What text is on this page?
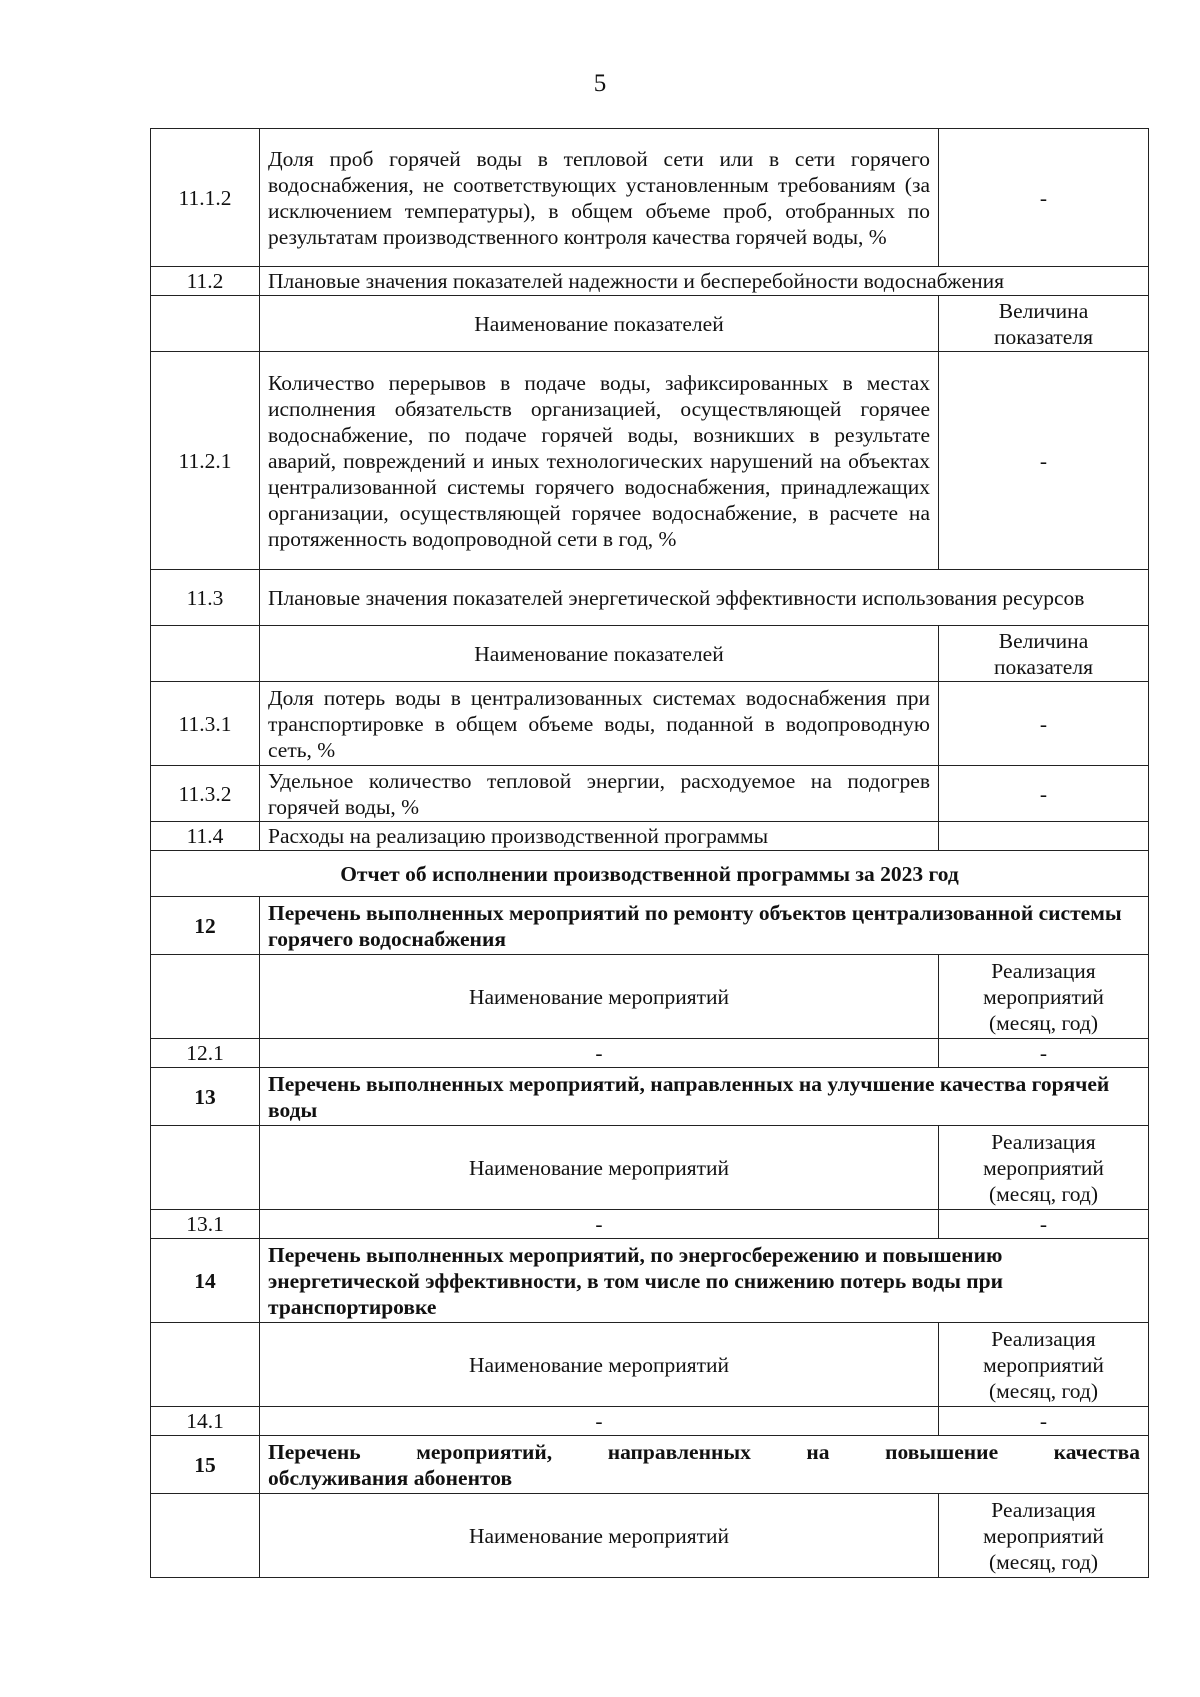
5
11.1.2	Доля проб горячей воды в тепловой сети или в сети горячего водоснабжения, не соответствующих установленным требованиям (за исключением температуры), в общем объеме проб, отобранных по результатам производственного контроля качества горячей воды, %	-
11.2	Плановые значения показателей надежности и бесперебойности водоснабжения	
	Наименование показателей	Величина показателя
11.2.1	Количество перерывов в подаче воды, зафиксированных в местах исполнения обязательств организацией, осуществляющей горячее водоснабжение, по подаче горячей воды, возникших в результате аварий, повреждений и иных технологических нарушений на объектах централизованной системы горячего водоснабжения, принадлежащих организации, осуществляющей горячее водоснабжение, в расчете на протяженность водопроводной сети в год, %	-
11.3	Плановые значения показателей энергетической эффективности использования ресурсов	
	Наименование показателей	Величина показателя
11.3.1	Доля потерь воды в централизованных системах водоснабжения при транспортировке в общем объеме воды, поданной в водопроводную сеть, %	-
11.3.2	Удельное количество тепловой энергии, расходуемое на подогрев горячей воды, %	-
11.4	Расходы на реализацию производственной программы	
Отчет об исполнении производственной программы за 2023 год		
12	Перечень выполненных мероприятий по ремонту объектов централизованной системы горячего водоснабжения	
	Наименование мероприятий	Реализация мероприятий (месяц, год)
12.1	-	-
13	Перечень выполненных мероприятий, направленных на улучшение качества горячей воды	
	Наименование мероприятий	Реализация мероприятий (месяц, год)
13.1	-	-
14	Перечень выполненных мероприятий, по энергосбережению и повышению энергетической эффективности, в том числе по снижению потерь воды при транспортировке	
	Наименование мероприятий	Реализация мероприятий (месяц, год)
14.1	-	-
15	Перечень мероприятий, направленных на повышение качества
обслуживания абонентов	

	Наименование мероприятий	Реализация мероприятий (месяц, год)
